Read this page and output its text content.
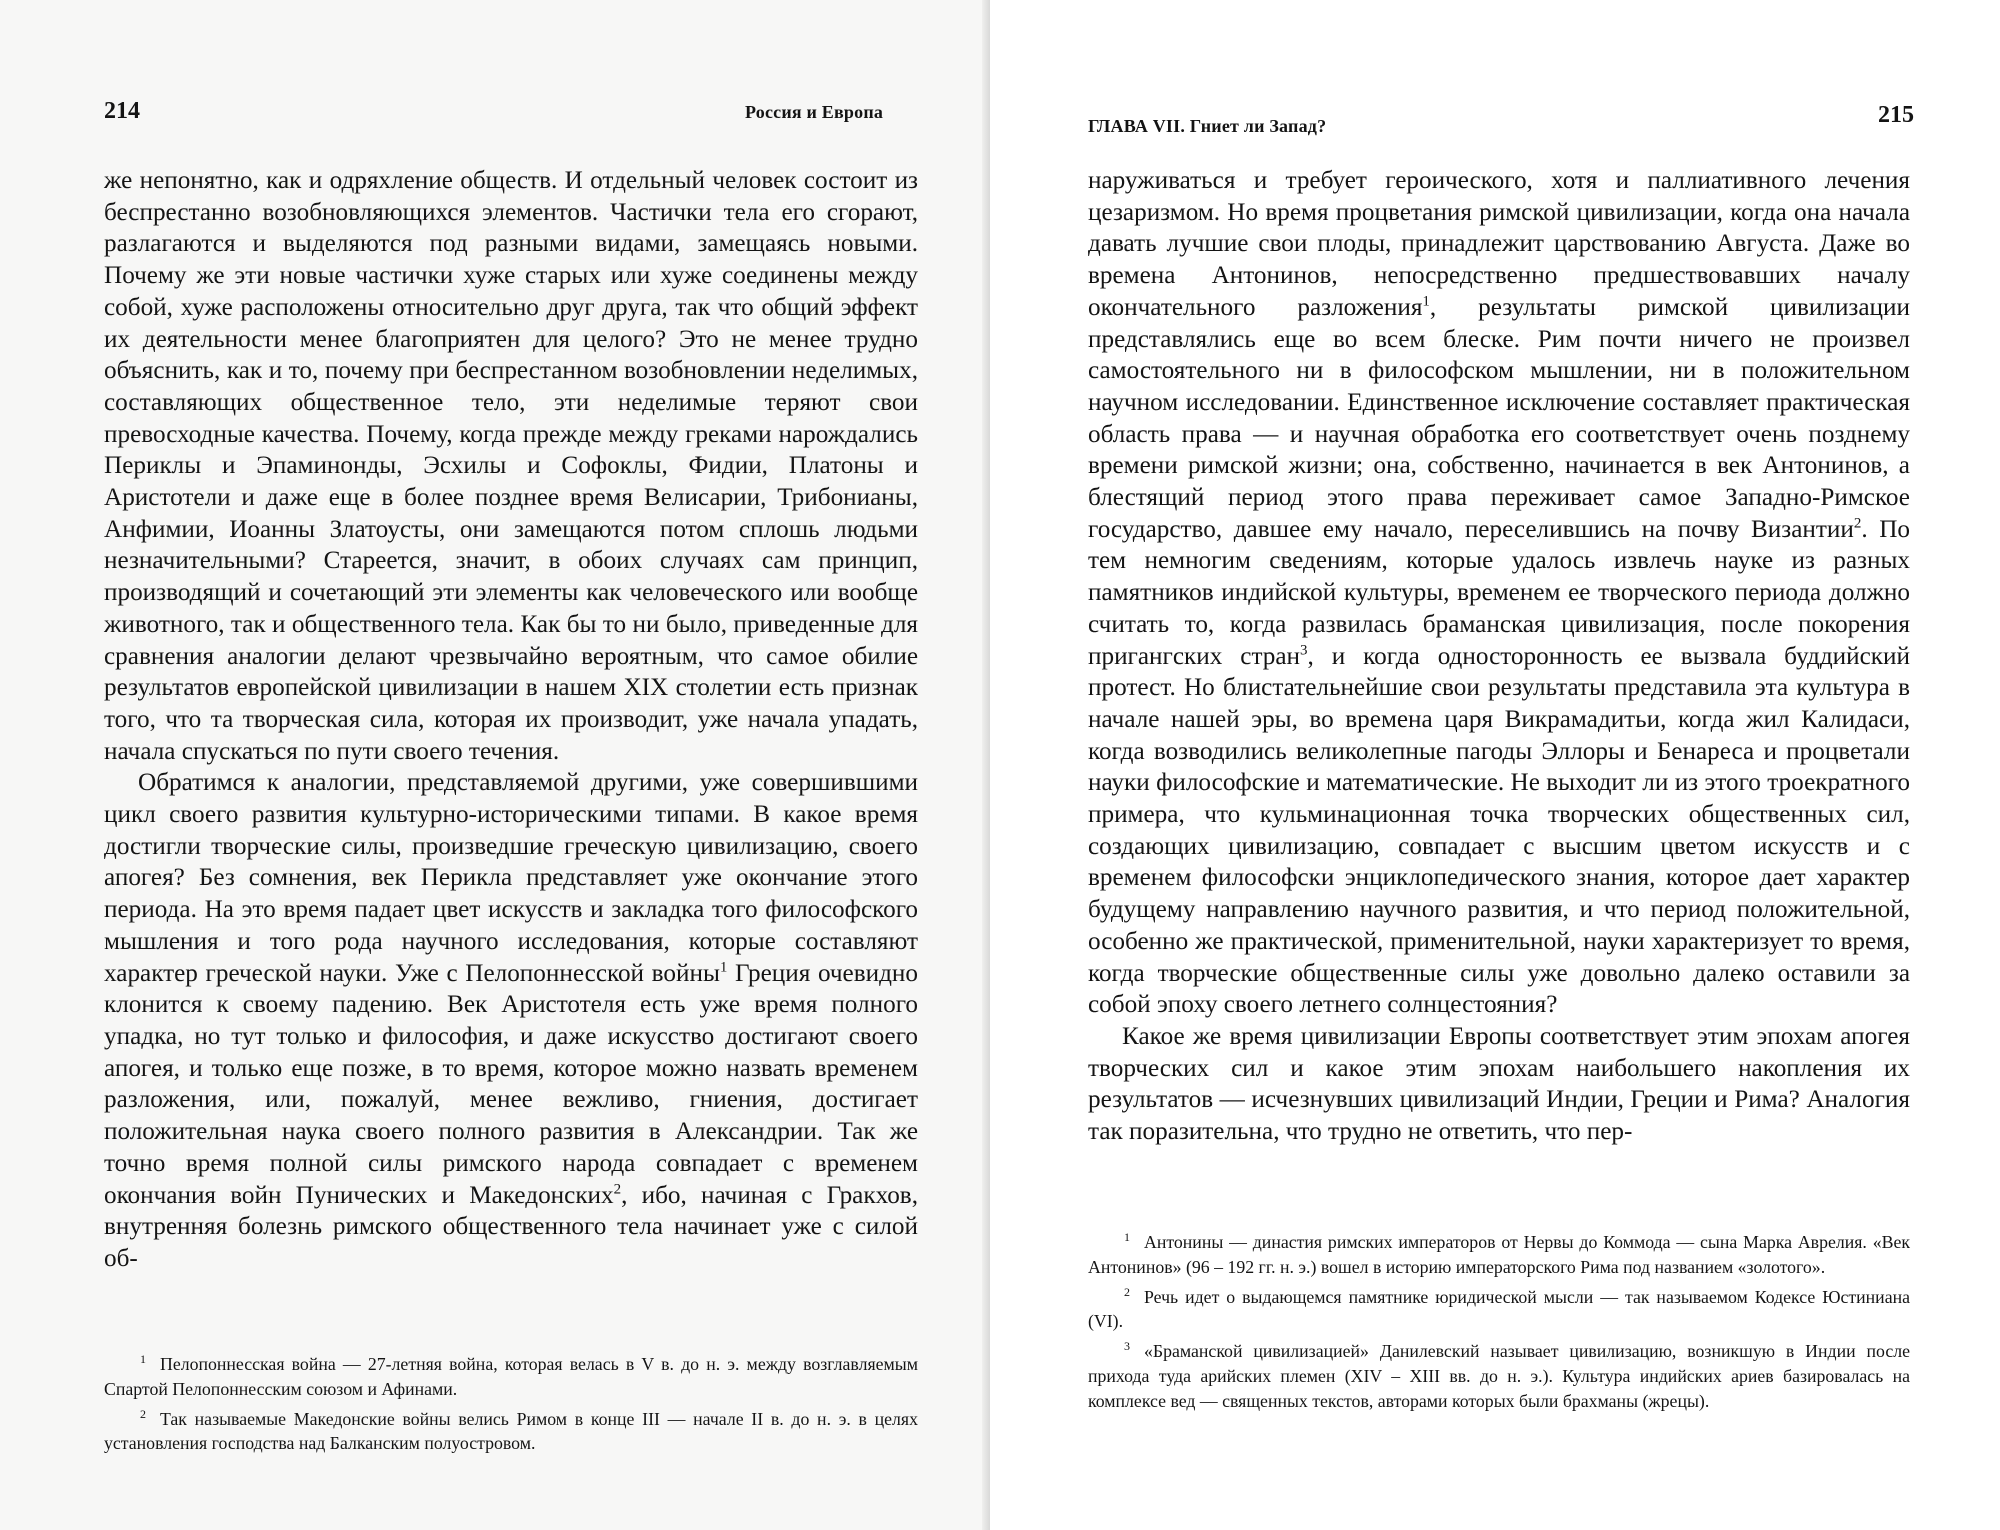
214	Россия и Европа

же непонятно, как и одряхление обществ. И отдельный человек состоит из беспрестанно возобновляющихся элементов. Частички тела его сгорают, разлагаются и выделяются под разными видами, замещаясь новыми. Почему же эти новые частички хуже старых или хуже соединены между собой, хуже расположены относительно друг друга, так что общий эффект их деятельности менее благоприятен для целого? Это не менее трудно объяснить, как и то, почему при беспрестанном возобновлении неделимых, составляющих общественное тело, эти неделимые теряют свои превосходные качества. Почему, когда прежде между греками нарождались Периклы и Эпаминонды, Эсхилы и Софоклы, Фидии, Платоны и Аристотели и даже еще в более позднее время Велисарии, Трибонианы, Анфимии, Иоанны Златоусты, они замещаются потом сплошь людьми незначительными? Стареется, значит, в обоих случаях сам принцип, производящий и сочетающий эти элементы как человеческого или вообще животного, так и общественного тела. Как бы то ни было, приведенные для сравнения аналогии делают чрезвычайно вероятным, что самое обилие результатов европейской цивилизации в нашем XIX столетии есть признак того, что та творческая сила, которая их производит, уже начала упадать, начала спускаться по пути своего течения.

Обратимся к аналогии, представляемой другими, уже совершившими цикл своего развития культурно-историческими типами. В какое время достигли творческие силы, произведшие греческую цивилизацию, своего апогея? Без сомнения, век Перикла представляет уже окончание этого периода. На это время падает цвет искусств и закладка того философского мышления и того рода научного исследования, которые составляют характер греческой науки. Уже с Пелопоннесской войны$^1$ Греция очевидно клонится к своему падению. Век Аристотеля есть уже время полного упадка, но тут только и философия, и даже искусство достигают своего апогея, и только еще позже, в то время, которое можно назвать временем разложения, или, пожалуй, менее вежливо, гниения, достигает положительная наука своего полного развития в Александрии. Так же точно время полной силы римского народа совпадает с временем окончания войн Пунических и Македонских$^2$, ибо, начиная с Гракхов, внутренняя болезнь римского общественного тела начинает уже с силой об-

$^1$ Пелопоннесская война — 27-летняя война, которая велась в V в. до н. э. между возглавляемым Спартой Пелопоннесским союзом и Афинами.

$^2$ Так называемые Македонские войны велись Римом в конце III — начале II в. до н. э. в целях установления господства над Балканским полуостровом.

ГЛАВА VII. Гниет ли Запад?	215

наруживаться и требует героического, хотя и паллиативного лечения цезаризмом. Но время процветания римской цивилизации, когда она начала давать лучшие свои плоды, принадлежит царствованию Августа. Даже во времена Антонинов, непосредственно предшествовавших началу окончательного разложения$^1$, результаты римской цивилизации представлялись еще во всем блеске. Рим почти ничего не произвел самостоятельного ни в философском мышлении, ни в положительном научном исследовании. Единственное исключение составляет практическая область права — и научная обработка его соответствует очень позднему времени римской жизни; она, собственно, начинается в век Антонинов, а блестящий период этого права переживает самое Западно-Римское государство, давшее ему начало, переселившись на почву Византии$^2$. По тем немногим сведениям, которые удалось извлечь науке из разных памятников индийской культуры, временем ее творческого периода должно считать то, когда развилась браманская цивилизация, после покорения пригангских стран$^3$, и когда односторонность ее вызвала буддийский протест. Но блистательнейшие свои результаты представила эта культура в начале нашей эры, во времена царя Викрамадитьи, когда жил Калидаси, когда возводились великолепные пагоды Эллоры и Бенареса и процветали науки философские и математические. Не выходит ли из этого троекратного примера, что кульминационная точка творческих общественных сил, создающих цивилизацию, совпадает с высшим цветом искусств и с временем философски энциклопедического знания, которое дает характер будущему направлению научного развития, и что период положительной, особенно же практической, применительной, науки характеризует то время, когда творческие общественные силы уже довольно далеко оставили за собой эпоху своего летнего солнцестояния?

Какое же время цивилизации Европы соответствует этим эпохам апогея творческих сил и какое этим эпохам наибольшего накопления их результатов — исчезнувших цивилизаций Индии, Греции и Рима? Аналогия так поразительна, что трудно не ответить, что пер-

$^1$ Антонины — династия римских императоров от Нервы до Коммода — сына Марка Аврелия. «Век Антонинов» (96 – 192 гг. н. э.) вошел в историю императорского Рима под названием «золотого».

$^2$ Речь идет о выдающемся памятнике юридической мысли — так называемом Кодексе Юстиниана (VI).

$^3$ «Браманской цивилизацией» Данилевский называет цивилизацию, возникшую в Индии после прихода туда арийских племен (XIV – XIII вв. до н. э.). Культура индийских ариев базировалась на комплексе вед — священных текстов, авторами которых были брахманы (жрецы).
